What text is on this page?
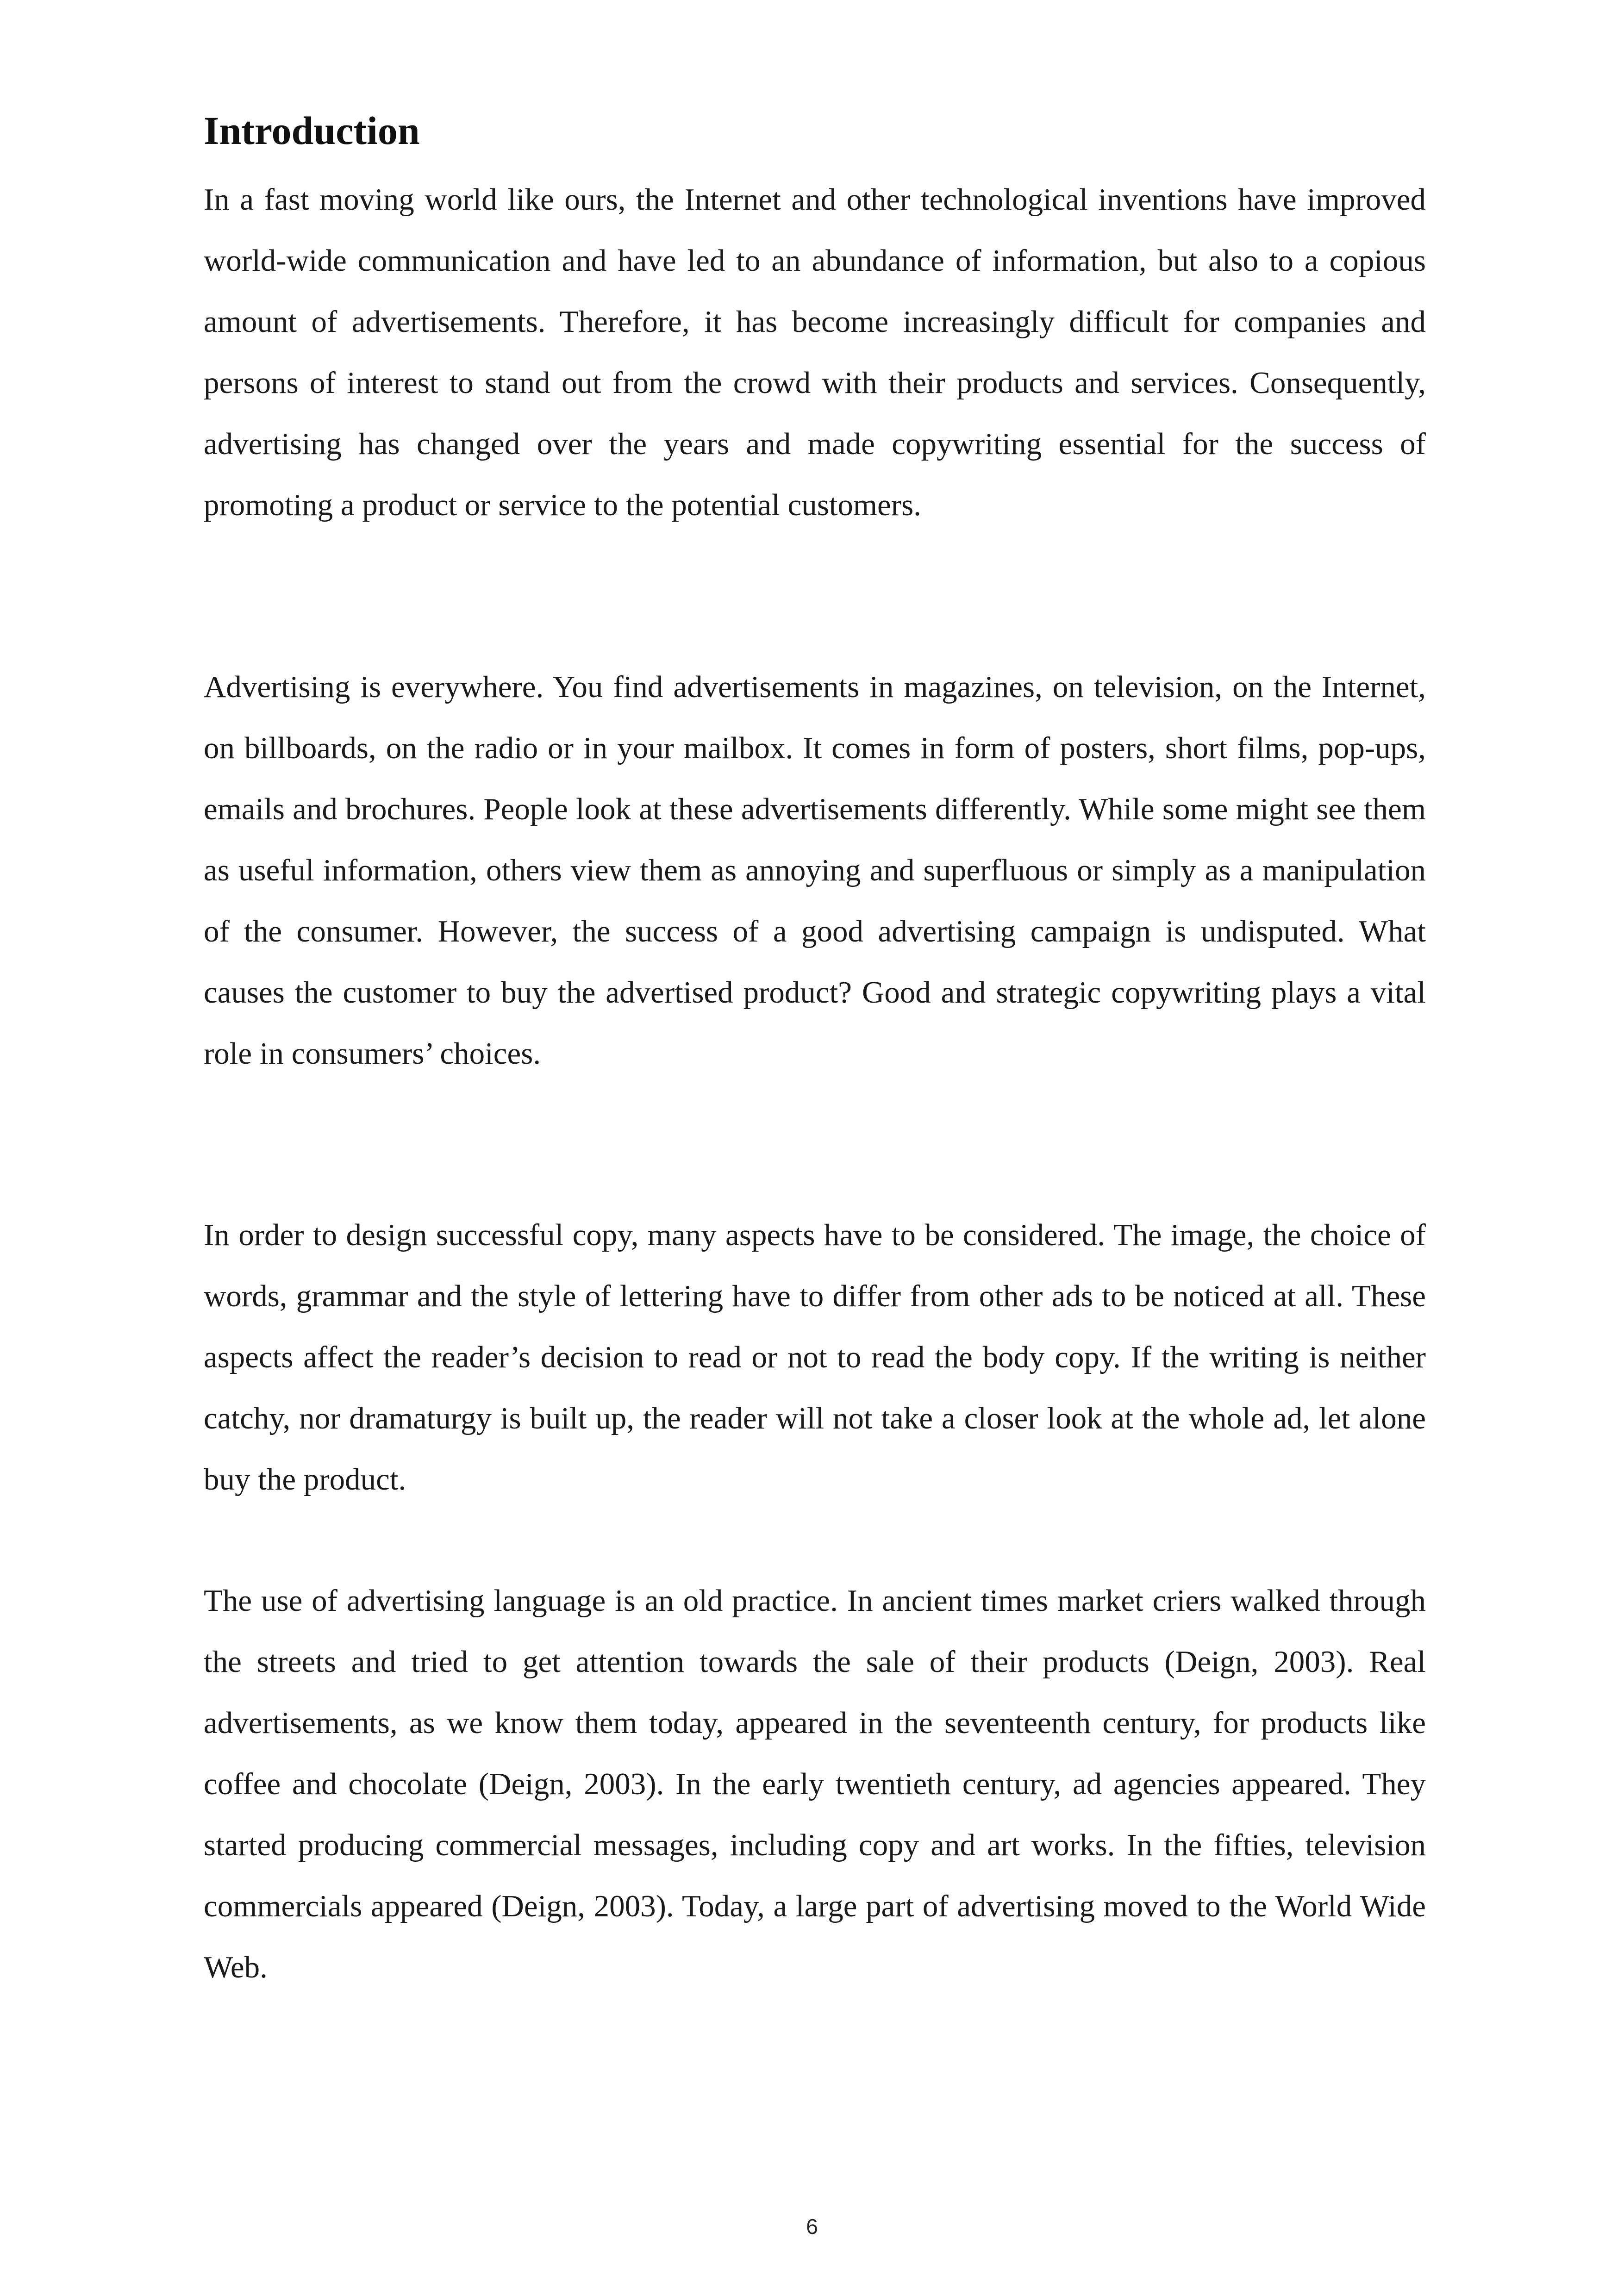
Introduction

In a fast moving world like ours, the Internet and other technological inventions have improved world-wide communication and have led to an abundance of information, but also to a copious amount of advertisements. Therefore, it has become increasingly difficult for companies and persons of interest to stand out from the crowd with their products and services. Consequently, advertising has changed over the years and made copywriting essential for the success of promoting a product or service to the potential customers.

Advertising is everywhere. You find advertisements in magazines, on television, on the Internet, on billboards, on the radio or in your mailbox. It comes in form of posters, short films, pop-ups, emails and brochures. People look at these advertisements differently. While some might see them as useful information, others view them as annoying and superfluous or simply as a manipulation of the consumer. However, the success of a good advertising campaign is undisputed. What causes the customer to buy the advertised product? Good and strategic copywriting plays a vital role in consumers’ choices.

In order to design successful copy, many aspects have to be considered. The image, the choice of words, grammar and the style of lettering have to differ from other ads to be noticed at all. These aspects affect the reader’s decision to read or not to read the body copy. If the writing is neither catchy, nor dramaturgy is built up, the reader will not take a closer look at the whole ad, let alone buy the product.

The use of advertising language is an old practice. In ancient times market criers walked through the streets and tried to get attention towards the sale of their products (Deign, 2003). Real advertisements, as we know them today, appeared in the seventeenth century, for products like coffee and chocolate (Deign, 2003). In the early twentieth century, ad agencies appeared. They started producing commercial messages, including copy and art works. In the fifties, television commercials appeared (Deign, 2003). Today, a large part of advertising moved to the World Wide Web.

6
